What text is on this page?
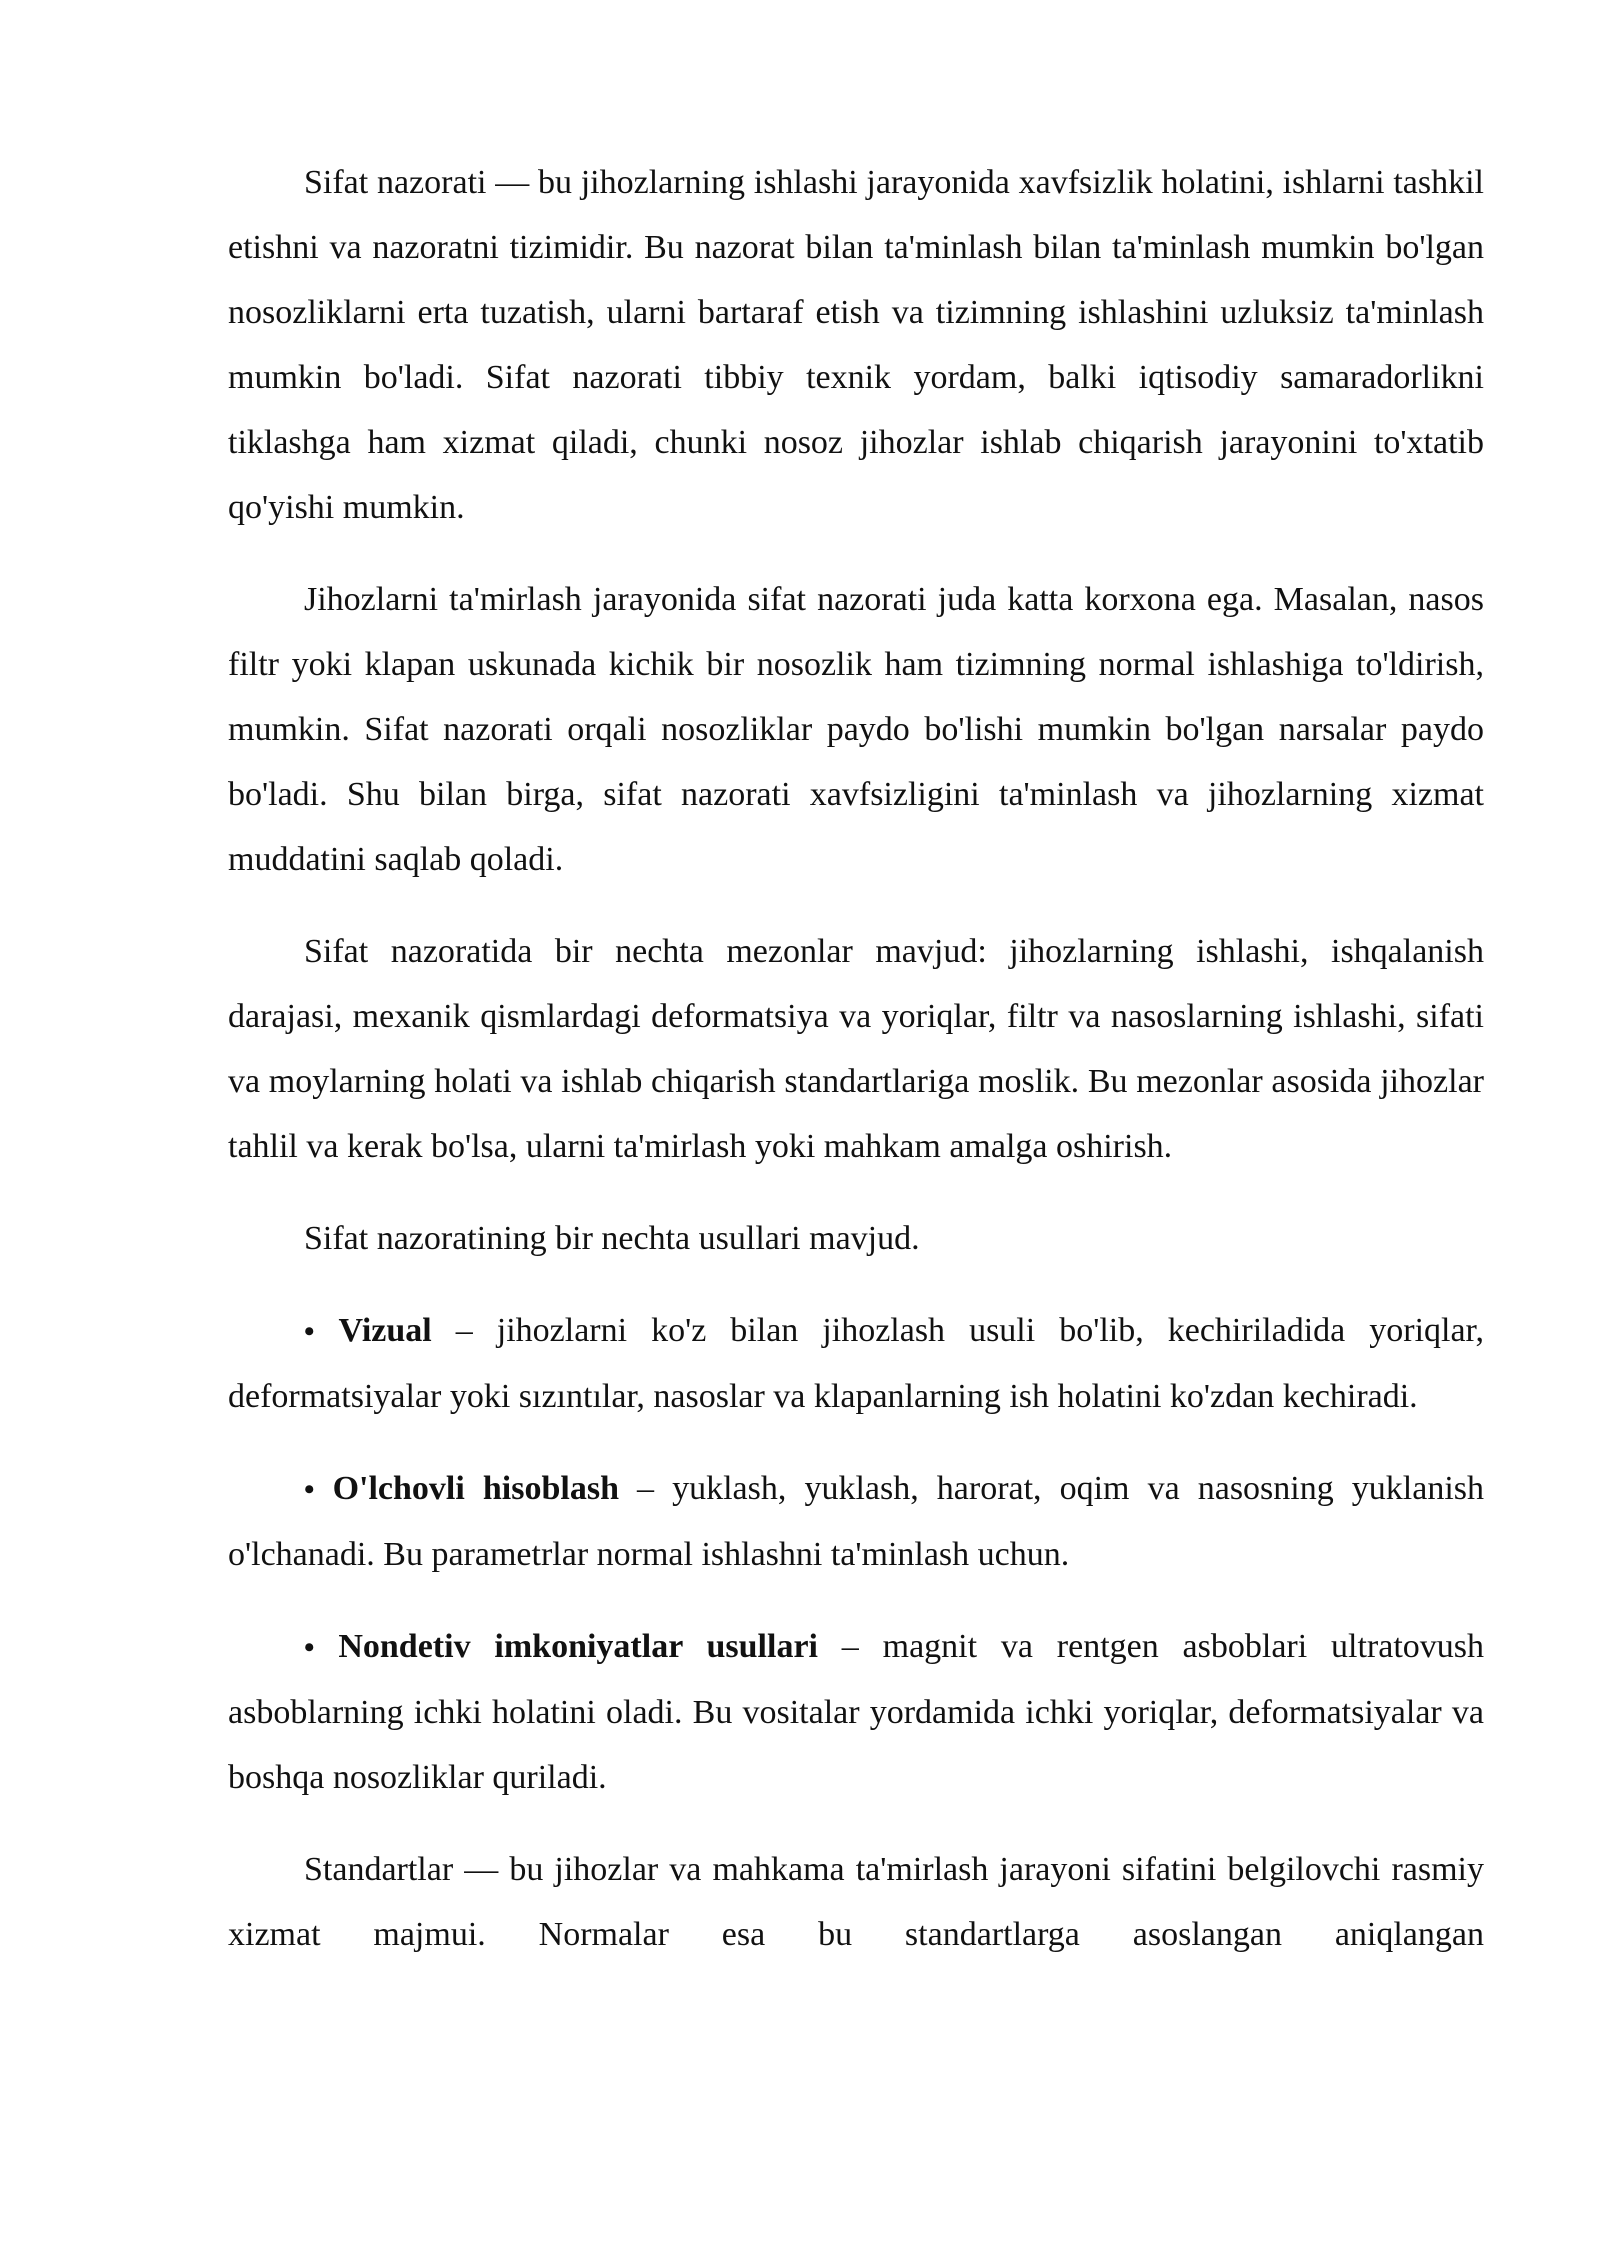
Sifat nazorati — bu jihozlarning ishlashi jarayonida xavfsizlik holatini, ishlarni tashkil etishni va nazoratni tizimidir. Bu nazorat bilan ta'minlash bilan ta'minlash mumkin bo'lgan nosozliklarni erta tuzatish, ularni bartaraf etish va tizimning ishlashini uzluksiz ta'minlash mumkin bo'ladi. Sifat nazorati tibbiy texnik yordam, balki iqtisodiy samaradorlikni tiklashga ham xizmat qiladi, chunki nosoz jihozlar ishlab chiqarish jarayonini to'xtatib qo'yishi mumkin.

Jihozlarni ta'mirlash jarayonida sifat nazorati juda katta korxona ega. Masalan, nasos filtr yoki klapan uskunada kichik bir nosozlik ham tizimning normal ishlashiga to'ldirish, mumkin. Sifat nazorati orqali nosozliklar paydo bo'lishi mumkin bo'lgan narsalar paydo bo'ladi. Shu bilan birga, sifat nazorati xavfsizligini ta'minlash va jihozlarning xizmat muddatini saqlab qoladi.

Sifat nazoratida bir nechta mezonlar mavjud: jihozlarning ishlashi, ishqalanish darajasi, mexanik qismlardagi deformatsiya va yoriqlar, filtr va nasoslarning ishlashi, sifati va moylarning holati va ishlab chiqarish standartlariga moslik. Bu mezonlar asosida jihozlar tahlil va kerak bo'lsa, ularni ta'mirlash yoki mahkam amalga oshirish.

Sifat nazoratining bir nechta usullari mavjud.

• Vizual – jihozlarni ko'z bilan jihozlash usuli bo'lib, kechiriladida yoriqlar, deformatsiyalar yoki sızıntılar, nasoslar va klapanlarning ish holatini ko'zdan kechiradi.

• O'lchovli hisoblash – yuklash, yuklash, harorat, oqim va nasosning yuklanish o'lchanadi. Bu parametrlar normal ishlashni ta'minlash uchun.

• Nondetiv imkoniyatlar usullari – magnit va rentgen asboblari ultratovush asboblarning ichki holatini oladi. Bu vositalar yordamida ichki yoriqlar, deformatsiyalar va boshqa nosozliklar quriladi.

Standartlar — bu jihozlar va mahkama ta'mirlash jarayoni sifatini belgilovchi rasmiy xizmat majmui. Normalar esa bu standartlarga asoslangan aniqlangan
